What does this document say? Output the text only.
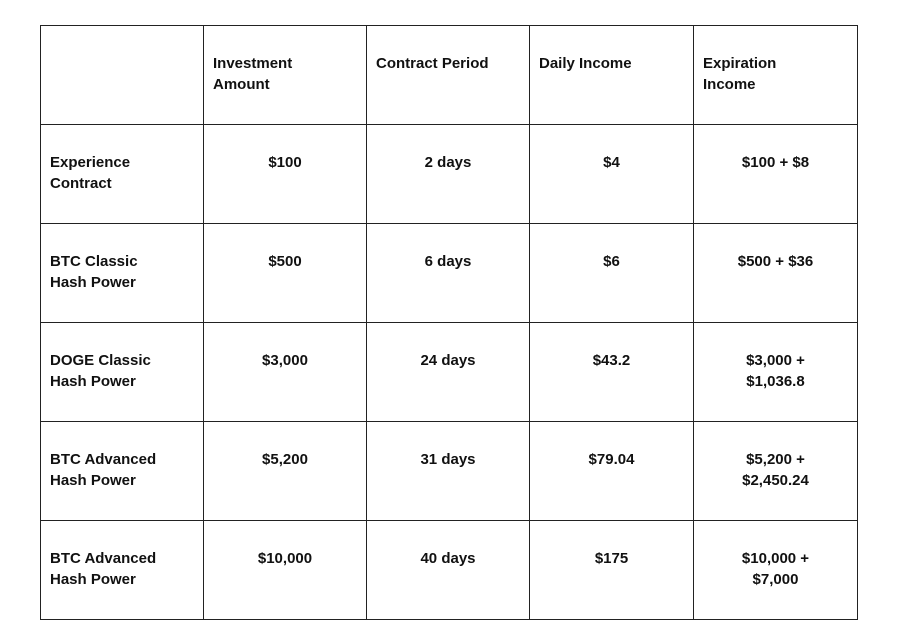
	Investment Amount	Contract Period	Daily Income	Expiration Income
Experience Contract	$100	2 days	$4	$100 + $8
BTC Classic Hash Power	$500	6 days	$6	$500 + $36
DOGE Classic Hash Power	$3,000	24 days	$43.2	$3,000 + $1,036.8
BTC Advanced Hash Power	$5,200	31 days	$79.04	$5,200 + $2,450.24
BTC Advanced Hash Power	$10,000	40 days	$175	$10,000 + $7,000
